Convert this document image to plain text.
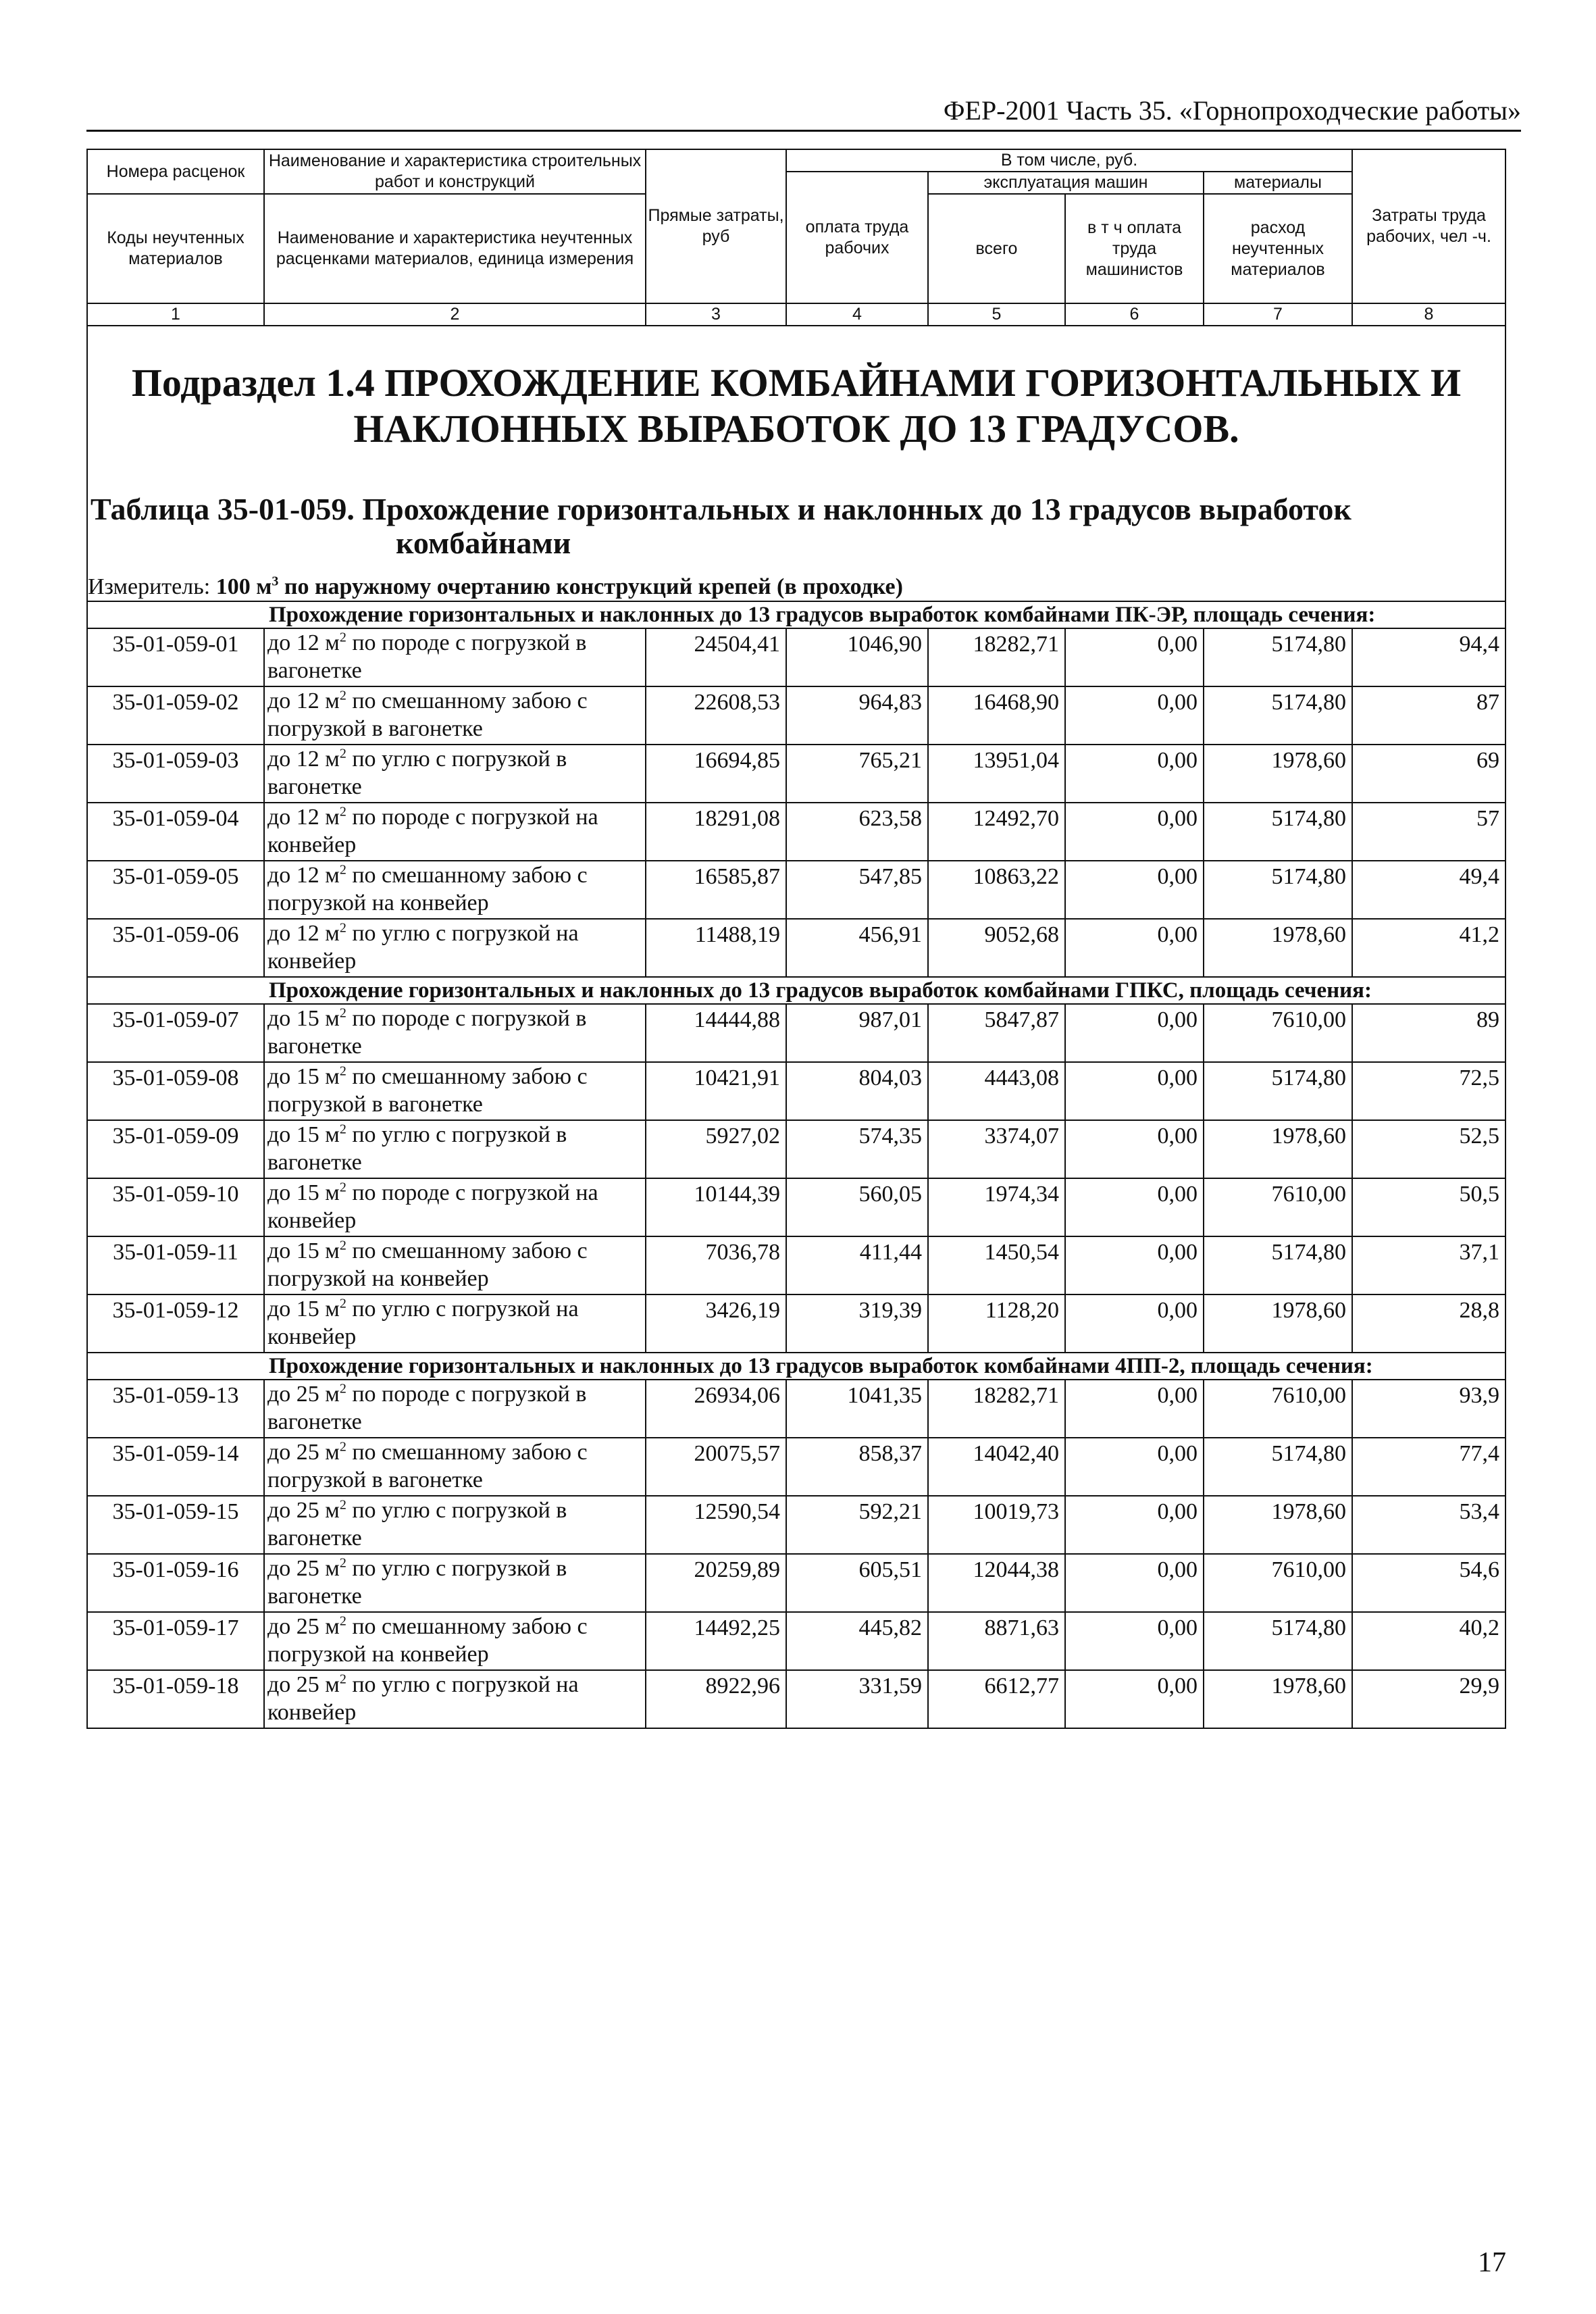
ФЕР-2001 Часть 35. «Горнопроходческие работы»
Номера расценок	Наименование и характеристика строительных работ и конструкций	Прямые затраты, руб	В том числе, руб.				Затраты труда рабочих, чел -ч.
			оплата труда рабочих	эксплуатация машин		материалы	
Коды неучтенных материалов	Наименование и характеристика неучтенных расценками материалов, единица измерения			всего	в т ч оплата труда машинистов	расход неучтенных материалов	

1	2	3	4	5	6	7	8

Подраздел 1.4 ПРОХОЖДЕНИЕ КОМБАЙНАМИ ГОРИЗОНТАЛЬНЫХ И НАКЛОННЫХ ВЫРАБОТОК ДО 13 ГРАДУСОВ.
Таблица 35-01-059. Прохождение горизонтальных и наклонных до 13 градусов выработок
комбайнами							

Измеритель: 100 $м^3$ по наружному очертанию конструкций крепей (в проходке)							
Прохождение горизонтальных и наклонных до 13 градусов выработок комбайнами ПК-ЭР, площадь сечения:							
35-01-059-01	до 12 $м^2$ по породе с погрузкой в вагонетке	24504,41	1046,90	18282,71	0,00	5174,80	94,4
35-01-059-02	до 12 $м^2$ по смешанному забою с погрузкой в вагонетке	22608,53	964,83	16468,90	0,00	5174,80	87
35-01-059-03	до 12 $м^2$ по углю с погрузкой в вагонетке	16694,85	765,21	13951,04	0,00	1978,60	69
35-01-059-04	до 12 $м^2$ по породе с погрузкой на конвейер	18291,08	623,58	12492,70	0,00	5174,80	57
35-01-059-05	до 12 $м^2$ по смешанному забою с погрузкой на конвейер	16585,87	547,85	10863,22	0,00	5174,80	49,4
35-01-059-06	до 12 $м^2$ по углю с погрузкой на конвейер	11488,19	456,91	9052,68	0,00	1978,60	41,2
Прохождение горизонтальных и наклонных до 13 градусов выработок комбайнами ГПКС, площадь сечения:							
35-01-059-07	до 15 $м^2$ по породе с погрузкой в вагонетке	14444,88	987,01	5847,87	0,00	7610,00	89
35-01-059-08	до 15 $м^2$ по смешанному забою с погрузкой в вагонетке	10421,91	804,03	4443,08	0,00	5174,80	72,5
35-01-059-09	до 15 $м^2$ по углю с погрузкой в вагонетке	5927,02	574,35	3374,07	0,00	1978,60	52,5
35-01-059-10	до 15 $м^2$ по породе с погрузкой на конвейер	10144,39	560,05	1974,34	0,00	7610,00	50,5
35-01-059-11	до 15 $м^2$ по смешанному забою с погрузкой на конвейер	7036,78	411,44	1450,54	0,00	5174,80	37,1
35-01-059-12	до 15 $м^2$ по углю с погрузкой на конвейер	3426,19	319,39	1128,20	0,00	1978,60	28,8
Прохождение горизонтальных и наклонных до 13 градусов выработок комбайнами 4ПП-2, площадь сечения:							
35-01-059-13	до 25 $м^2$ по породе с погрузкой в вагонетке	26934,06	1041,35	18282,71	0,00	7610,00	93,9
35-01-059-14	до 25 $м^2$ по смешанному забою с погрузкой в вагонетке	20075,57	858,37	14042,40	0,00	5174,80	77,4
35-01-059-15	до 25 $м^2$ по углю с погрузкой в вагонетке	12590,54	592,21	10019,73	0,00	1978,60	53,4
35-01-059-16	до 25 $м^2$ по углю с погрузкой в вагонетке	20259,89	605,51	12044,38	0,00	7610,00	54,6
35-01-059-17	до 25 $м^2$ по смешанному забою с погрузкой на конвейер	14492,25	445,82	8871,63	0,00	5174,80	40,2
35-01-059-18	до 25 $м^2$ по углю с погрузкой на конвейер	8922,96	331,59	6612,77	0,00	1978,60	29,9
17
